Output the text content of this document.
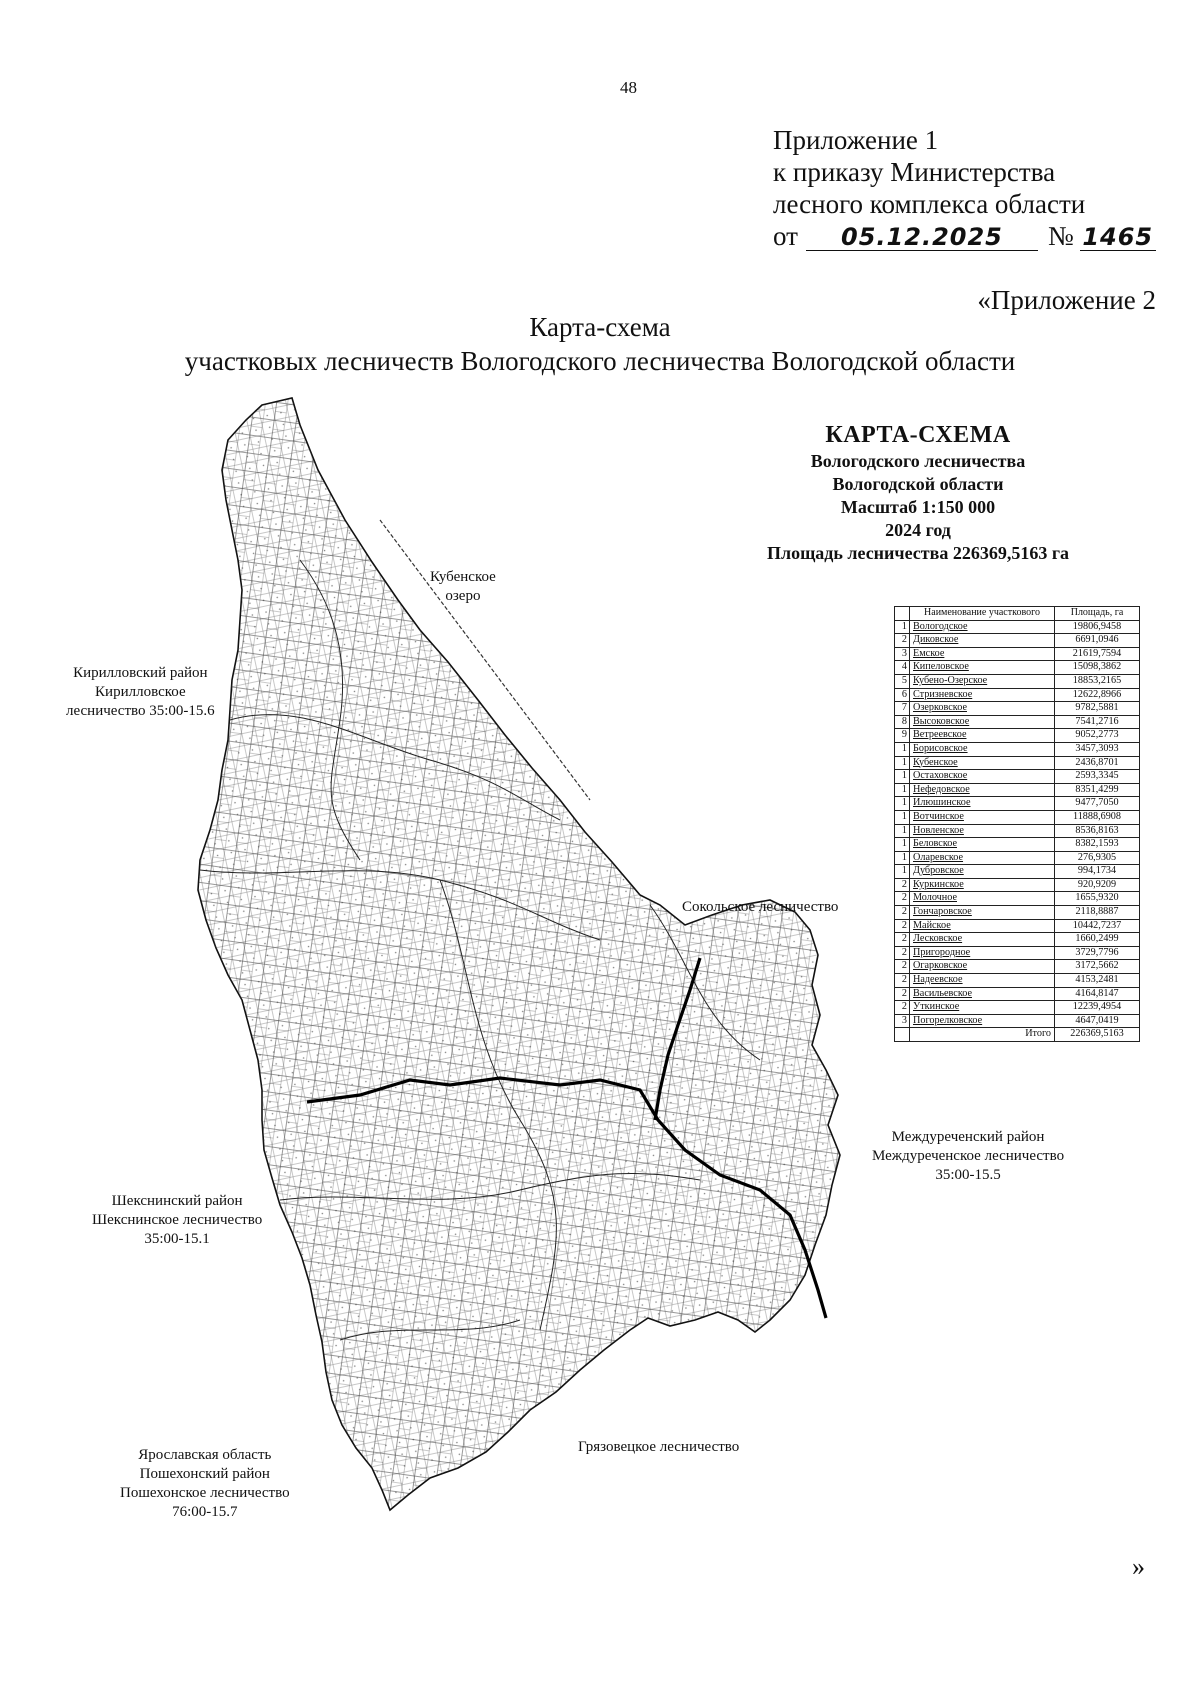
48
Приложение 1
к приказу Министерства
лесного комплекса области
от	05.12.2025	№ 1465
«Приложение 2
Карта-схема
участковых лесничеств Вологодского лесничества Вологодской области
КАРТА-СХЕМА
Вологодского лесничества
Вологодской области
Масштаб 1:150 000
2024 год
Площадь лесничества 226369,5163 га
	Наименование участкового	Площадь, га
1	Вологодское	19806,9458
2	Диковское	6691,0946
3	Емское	21619,7594
4	Кипеловское	15098,3862
5	Кубено-Озерское	18853,2165
6	Стризневское	12622,8966
7	Озерковское	9782,5881
8	Высоковское	7541,2716
9	Ветреевское	9052,2773
1	Борисовское	3457,3093
1	Кубенское	2436,8701
1	Остаховское	2593,3345
1	Нефедовское	8351,4299
1	Илюшинское	9477,7050
1	Вотчинское	11888,6908
1	Новленское	8536,8163
1	Беловское	8382,1593
1	Оларевское	276,9305
1	Дубровское	994,1734
2	Куркинское	920,9209
2	Молочное	1655,9320
2	Гончаровское	2118,8887
2	Майское	10442,7237
2	Лесковское	1660,2499
2	Пригородное	3729,7796
2	Огарковское	3172,5662
2	Надеевское	4153,2481
2	Васильевское	4164,8147
2	Уткинское	12239,4954
3	Погорелковское	4647,0419
	Итого	226369,5163
Кубенское
озеро
Кирилловский район
Кирилловское
лесничество 35:00-15.6
Сокольское лесничество
Междуреченский район
Междуреченское лесничество
35:00-15.5
Шекснинский район
Шекснинское лесничество
35:00-15.1
Ярославская область
Пошехонский район
Пошехонское лесничество
76:00-15.7
Грязовецкое лесничество
»
